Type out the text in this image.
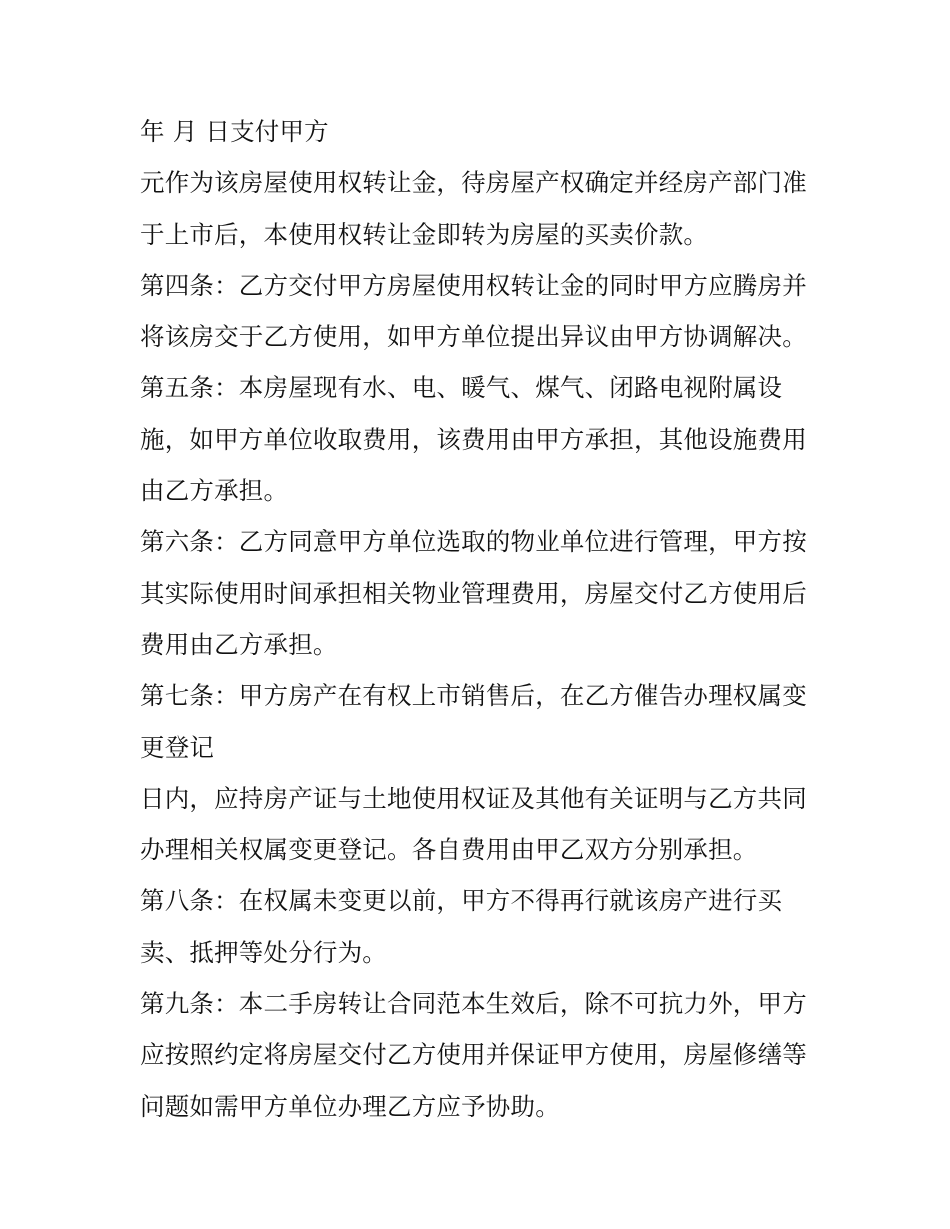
年 月 日支付甲方
元作为该房屋使用权转让金，待房屋产权确定并经房产部门准
于上市后，本使用权转让金即转为房屋的买卖价款。
第四条：乙方交付甲方房屋使用权转让金的同时甲方应腾房并
将该房交于乙方使用，如甲方单位提出异议由甲方协调解决。
第五条：本房屋现有水、电、暖气、煤气、闭路电视附属设
施，如甲方单位收取费用，该费用由甲方承担，其他设施费用
由乙方承担。
第六条：乙方同意甲方单位选取的物业单位进行管理，甲方按
其实际使用时间承担相关物业管理费用，房屋交付乙方使用后
费用由乙方承担。
第七条：甲方房产在有权上市销售后，在乙方催告办理权属变
更登记
日内，应持房产证与土地使用权证及其他有关证明与乙方共同
办理相关权属变更登记。各自费用由甲乙双方分别承担。
第八条：在权属未变更以前，甲方不得再行就该房产进行买
卖、抵押等处分行为。
第九条：本二手房转让合同范本生效后，除不可抗力外，甲方
应按照约定将房屋交付乙方使用并保证甲方使用，房屋修缮等
问题如需甲方单位办理乙方应予协助。
